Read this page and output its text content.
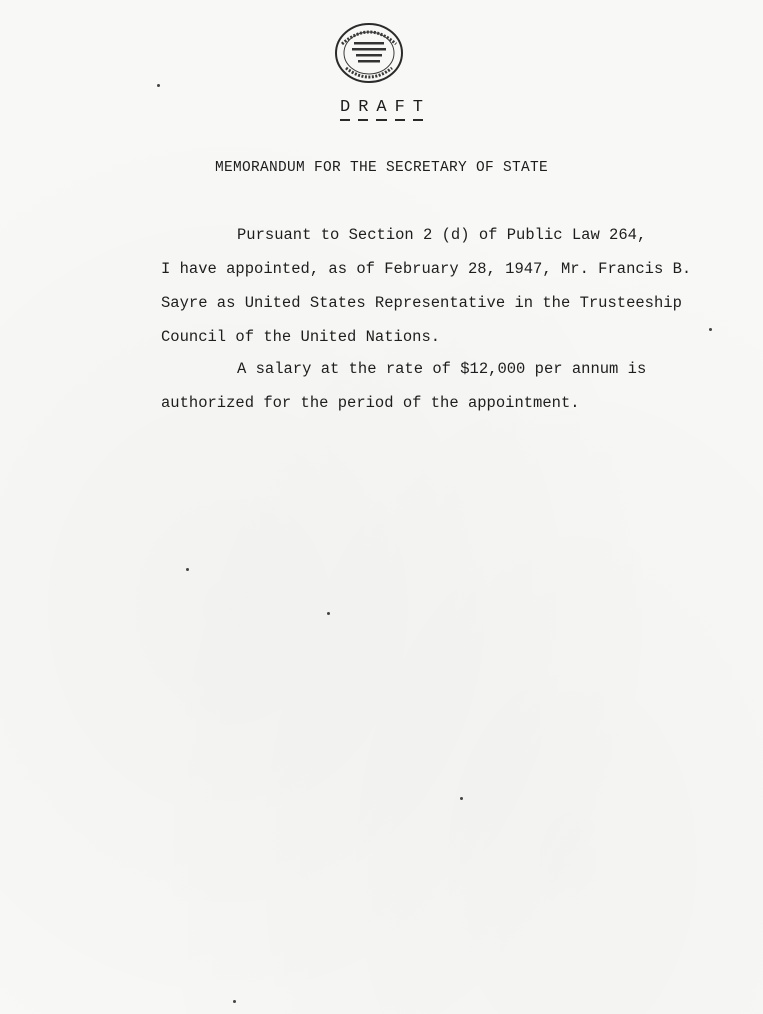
D R A F T
MEMORANDUM FOR THE SECRETARY OF STATE
Pursuant to Section 2 (d) of Public Law 264,
I have appointed, as of February 28, 1947, Mr. Francis B.
Sayre as United States Representative in the Trusteeship
Council of the United Nations.
A salary at the rate of $12,000 per annum is
authorized for the period of the appointment.
